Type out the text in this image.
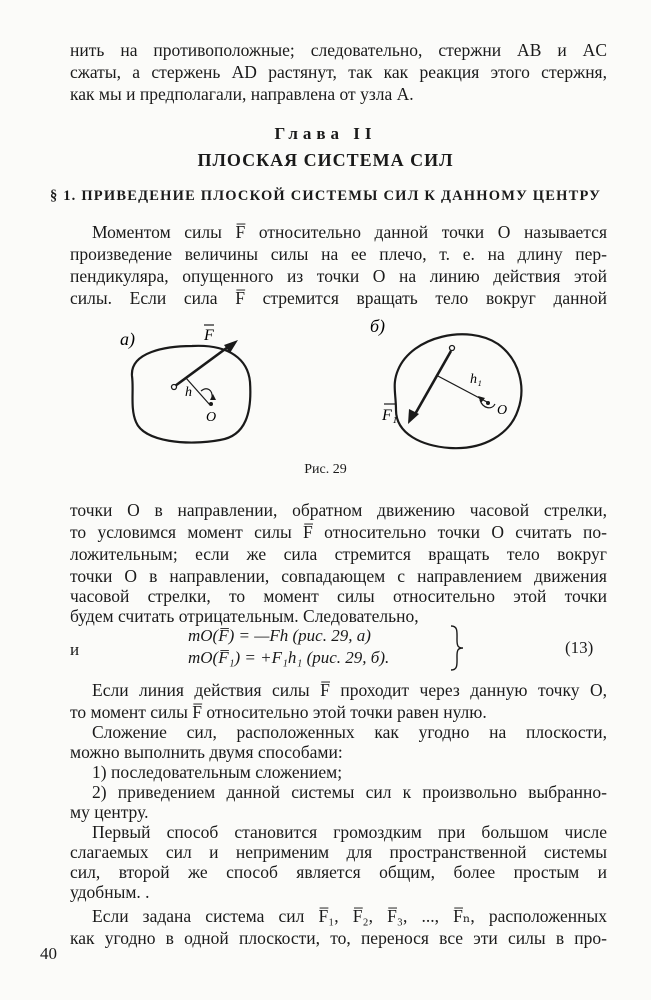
нить на противоположные; следовательно, стержни AB и AC
сжаты, а стержень AD растянут, так как реакция этого стержня,
как мы и предполагали, направлена от узла A.
Глава II
ПЛОСКАЯ СИСТЕМА СИЛ
§ 1. ПРИВЕДЕНИЕ ПЛОСКОЙ СИСТЕМЫ СИЛ К ДАННОМУ ЦЕНТРУ
Моментом силы F̅ относительно данной точки O называется
произведение величины силы на ее плечо, т. е. на длину пер-
пендикуляра, опущенного из точки O на линию действия этой
силы. Если сила F̅ стремится вращать тело вокруг данной
а)	F
h
O
б)
F₁
h₁
O
Рис. 29
точки O в направлении, обратном движению часовой стрелки,
то условимся момент силы F̅ относительно точки O считать по-
ложительным; если же сила стремится вращать тело вокруг
точки O в направлении, совпадающем с направлением движения
часовой стрелки, то момент силы относительно этой точки
будем считать отрицательным. Следовательно,
и
mO(F̅) = —Fh (рис. 29, а)
mO(F̅₁) = +F₁h₁ (рис. 29, б).
(13)
Если линия действия силы F̅ проходит через данную точку O,
то момент силы F̅ относительно этой точки равен нулю.
Сложение сил, расположенных как угодно на плоскости,
можно выполнить двумя способами:
1) последовательным сложением;
2) приведением данной системы сил к произвольно выбранно-
му центру.
Первый способ становится громоздким при большом числе
слагаемых сил и неприменим для пространственной системы
сил, второй же способ является общим, более простым и
удобным. .
Если задана система сил F̅₁, F̅₂, F̅₃, ..., F̅ₙ, расположенных
как угодно в одной плоскости, то, перенося все эти силы в про-
40
